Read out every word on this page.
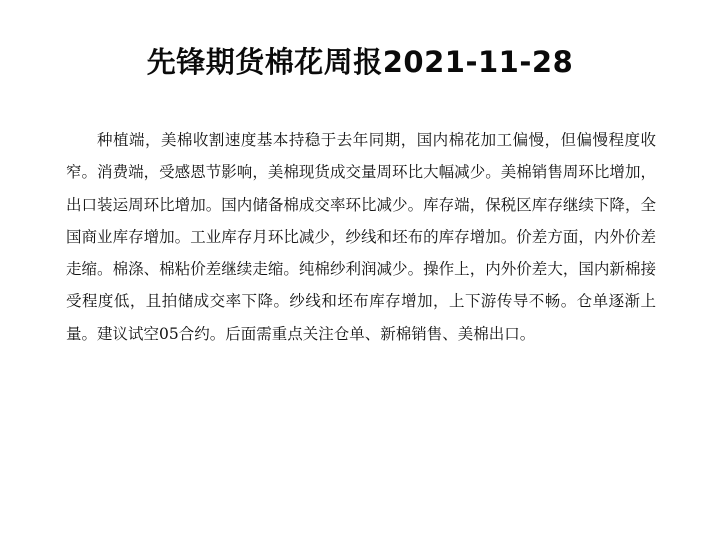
先锋期货棉花周报2021-11-28

种植端，美棉收割速度基本持稳于去年同期，国内棉花加工偏慢，但偏慢程度收窄。消费端，受感恩节影响，美棉现货成交量周环比大幅减少。美棉销售周环比增加，出口装运周环比增加。国内储备棉成交率环比减少。库存端，保税区库存继续下降，全国商业库存增加。工业库存月环比减少，纱线和坯布的库存增加。价差方面，内外价差走缩。棉涤、棉粘价差继续走缩。纯棉纱利润减少。操作上，内外价差大，国内新棉接受程度低，且拍储成交率下降。纱线和坯布库存增加，上下游传导不畅。仓单逐渐上量。建议试空05合约。后面需重点关注仓单、新棉销售、美棉出口。
